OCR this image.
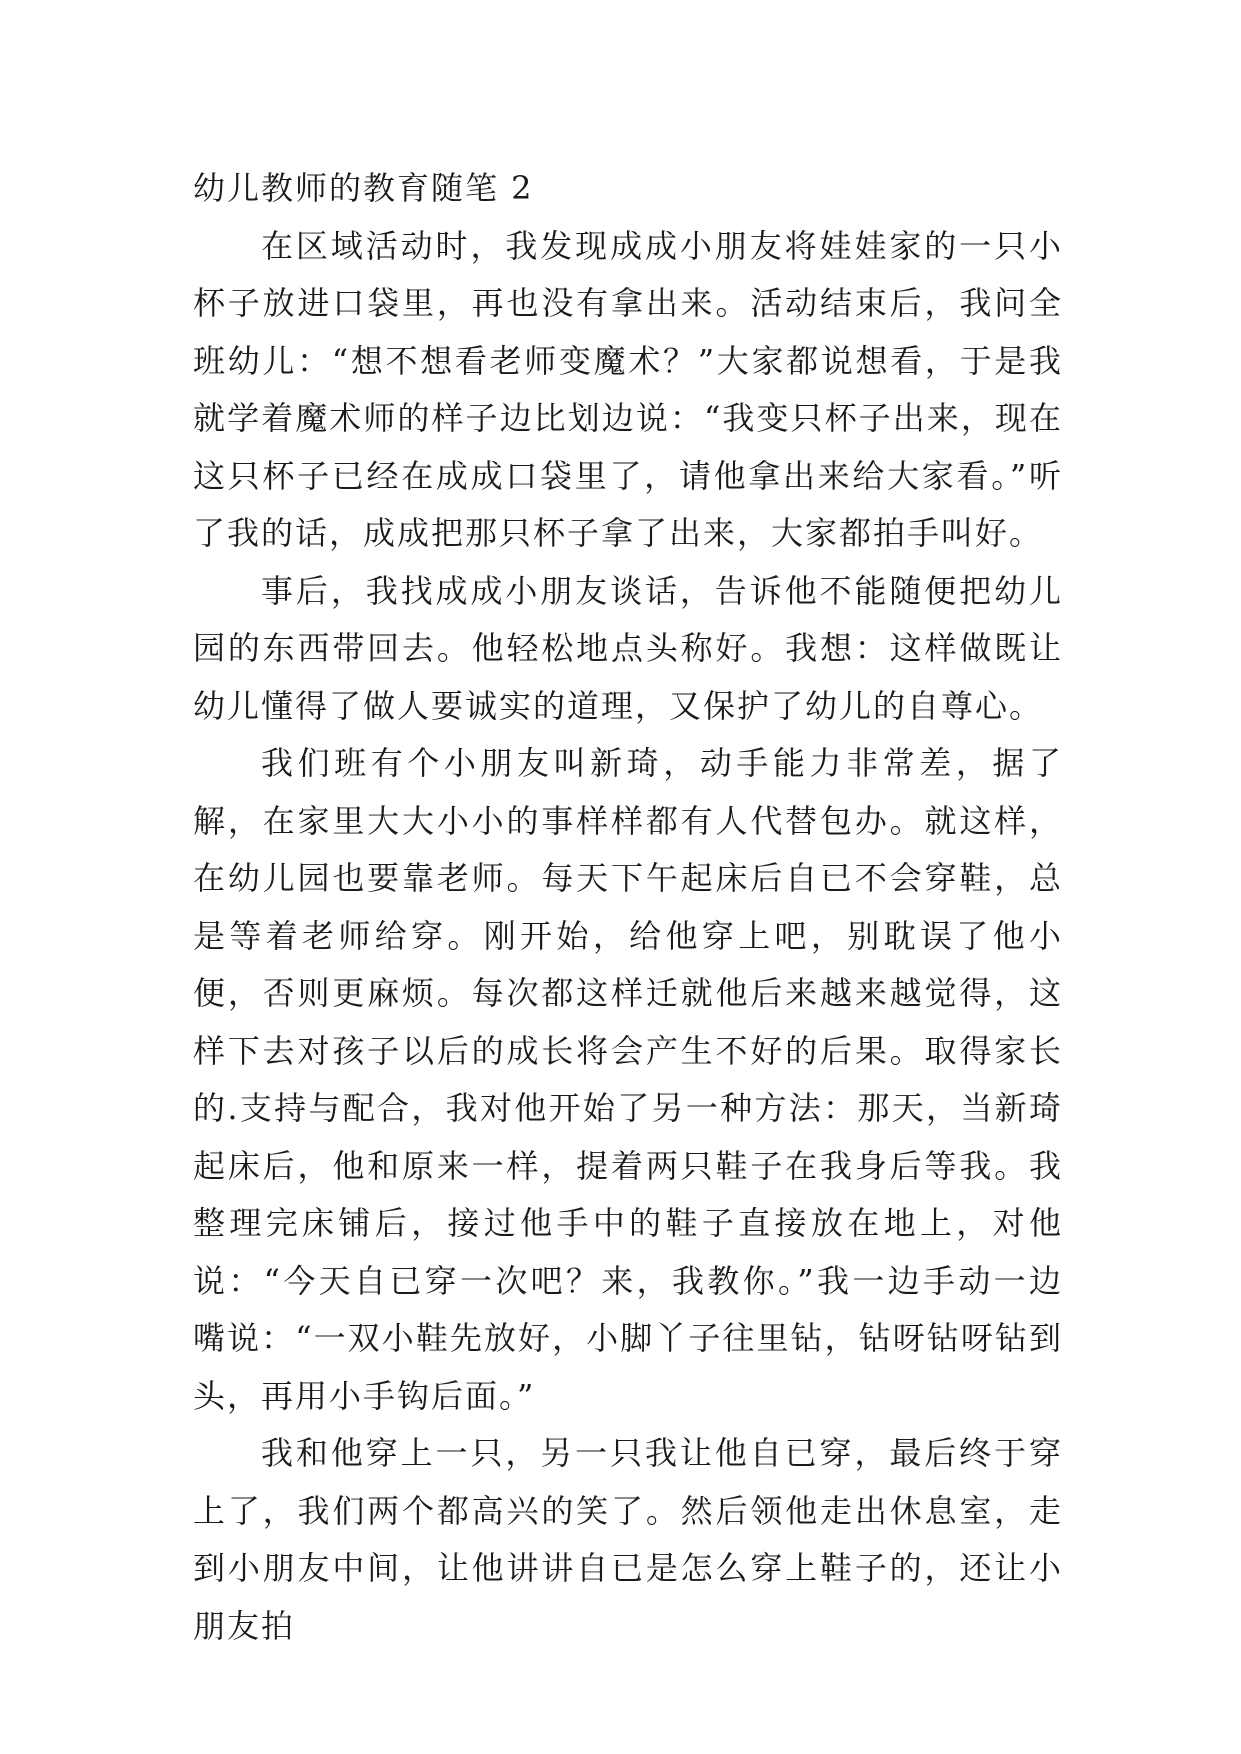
幼儿教师的教育随笔 2

在区域活动时，我发现成成小朋友将娃娃家的一只小杯子放进口袋里，再也没有拿出来。活动结束后，我问全班幼儿：“想不想看老师变魔术？”大家都说想看，于是我就学着魔术师的样子边比划边说：“我变只杯子出来，现在这只杯子已经在成成口袋里了，请他拿出来给大家看。”听了我的话，成成把那只杯子拿了出来，大家都拍手叫好。

事后，我找成成小朋友谈话，告诉他不能随便把幼儿园的东西带回去。他轻松地点头称好。我想：这样做既让幼儿懂得了做人要诚实的道理，又保护了幼儿的自尊心。

我们班有个小朋友叫新琦，动手能力非常差，据了解，在家里大大小小的事样样都有人代替包办。就这样，在幼儿园也要靠老师。每天下午起床后自已不会穿鞋，总是等着老师给穿。刚开始，给他穿上吧，别耽误了他小便，否则更麻烦。每次都这样迁就他后来越来越觉得，这样下去对孩子以后的成长将会产生不好的后果。取得家长的.支持与配合，我对他开始了另一种方法：那天，当新琦起床后，他和原来一样，提着两只鞋子在我身后等我。我整理完床铺后，接过他手中的鞋子直接放在地上，对他说：“今天自已穿一次吧？来，我教你。”我一边手动一边嘴说：“一双小鞋先放好，小脚丫子往里钻，钻呀钻呀钻到头，再用小手钩后面。”

我和他穿上一只，另一只我让他自已穿，最后终于穿上了，我们两个都高兴的笑了。然后领他走出休息室，走到小朋友中间，让他讲讲自已是怎么穿上鞋子的，还让小朋友拍
